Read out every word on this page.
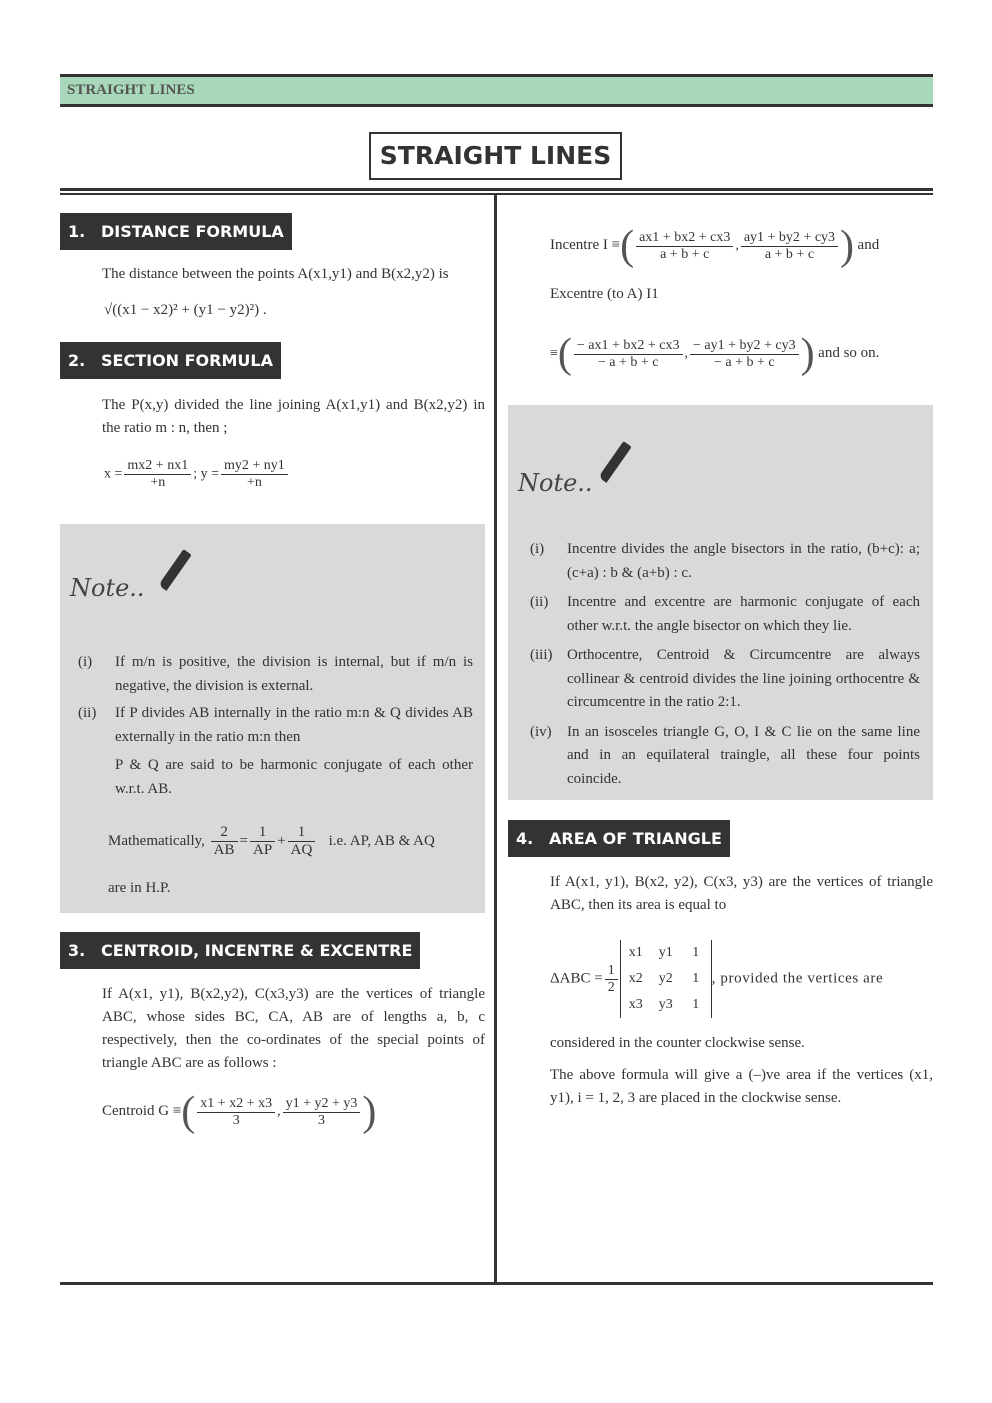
STRAIGHT LINES
STRAIGHT LINES
1. DISTANCE FORMULA
The distance between the points A(x1,y1) and B(x2,y2) is
√((x1 − x2)² + (y1 − y2)²) .
2. SECTION FORMULA
The P(x,y) divided the line joining A(x1,y1) and B(x2,y2) in the ratio m : n, then ;
$x = \frac{mx2 + nx1}{+n}$ ; $y = \frac{my2 + ny1}{+n}$
Note..
(i)	If m/n is positive, the division is internal, but if m/n is negative, the division is external.
(ii)	If P divides AB internally in the ratio m:n & Q divides AB externally in the ratio m:n then
P & Q are said to be harmonic conjugate of each other w.r.t. AB.
Mathematically, $\frac{2}{AB} = \frac{1}{AP} + \frac{1}{AQ} i.e$. AP, AB & AQ
are in H.P.
3. CENTROID, INCENTRE & EXCENTRE
If A(x1, y1), B(x2,y2), C(x3,y3) are the vertices of triangle ABC, whose sides BC, CA, AB are of lengths a, b, c respectively, then the co-ordinates of the special points of triangle ABC are as follows :
Centroid G ≡( $\frac{x1 + x2 + x3}{3}$ , $\frac{y1 + y2 + y3}{3}$ )
Incentre I ≡( $\frac{ax1 + bx2 + cx3}{a + b + c}$ , $\frac{ay1 + by2 + cy3}{a + b + c}$ ) and
Excentre (to A) I1
≡( $\frac{- ax1 + bx2 + cx3}{- a + b + c}$ , $\frac{- ay1 + by2 + cy3}{- a + b + c}$ ) and so on.
Note..
(i)	Incentre divides the angle bisectors in the ratio, (b+c): a; (c+a) : b & (a+b) : c.
(ii)	Incentre and excentre are harmonic conjugate of each other w.r.t. the angle bisector on which they lie.
(iii) Orthocentre, Centroid & Circumcentre are always collinear & centroid divides the line joining orthocentre & circumcentre in the ratio 2:1.
(iv)	In an isosceles triangle G, O, I & C lie on the same line and in an equilateral traingle, all these four points coincide.
4. AREA OF TRIANGLE
If A(x1, y1), B(x2, y2), C(x3, y3) are the vertices of triangle ABC, then its area is equal to
$\Delta ABC = \frac{1}{2}$
x1	y1	1
x2	y2	1
x3	y3	1
, provided the vertices are
considered in the counter clockwise sense.
The above formula will give a (–)ve area if the vertices (x1, y1), i = 1, 2, 3 are placed in the clockwise sense.
